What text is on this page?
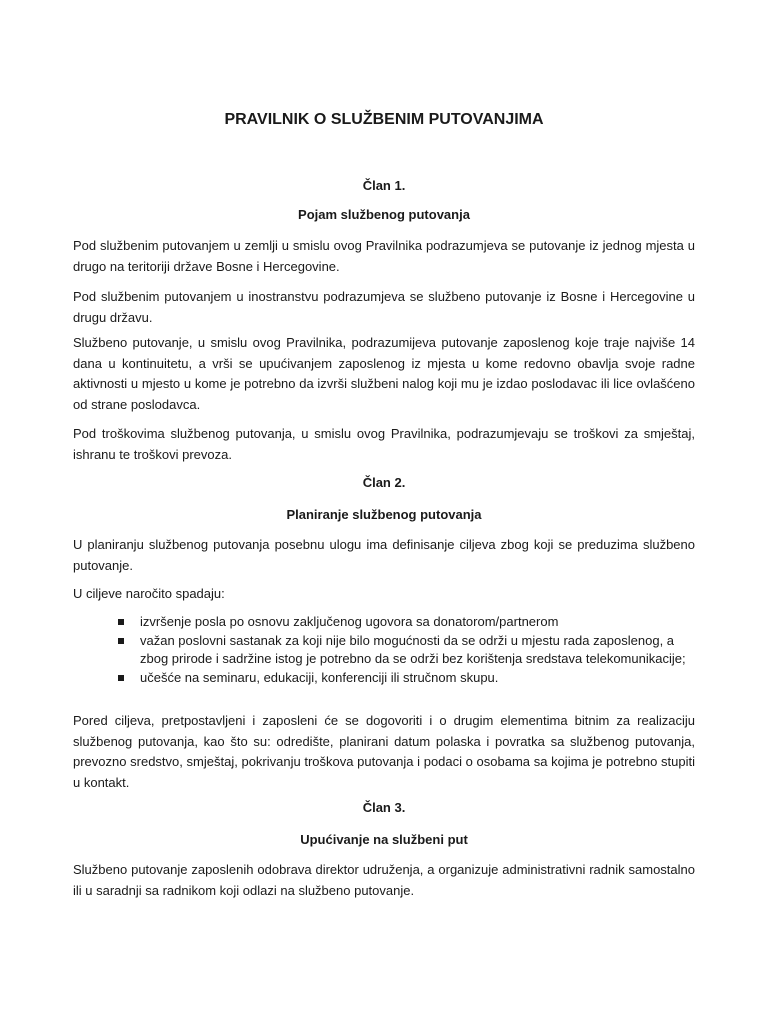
PRAVILNIK O SLUŽBENIM PUTOVANJIMA

Član 1.

Pojam službenog putovanja

Pod službenim putovanjem u zemlji u smislu ovog Pravilnika podrazumjeva se putovanje iz jednog mjesta u drugo na teritoriji države Bosne i Hercegovine.

Pod službenim putovanjem u inostranstvu podrazumjeva se službeno putovanje iz Bosne i Hercegovine u drugu državu.

Službeno putovanje, u smislu ovog Pravilnika, podrazumijeva putovanje zaposlenog koje traje najviše 14 dana u kontinuitetu, a vrši se upućivanjem zaposlenog iz mjesta u kome redovno obavlja svoje radne aktivnosti u mjesto u kome je potrebno da izvrši službeni nalog koji mu je izdao poslodavac ili lice ovlašćeno od strane poslodavca.

Pod troškovima službenog putovanja, u smislu ovog Pravilnika, podrazumjevaju se troškovi za smještaj, ishranu te troškovi prevoza.

Član 2.

Planiranje službenog putovanja

U planiranju službenog putovanja posebnu ulogu ima definisanje ciljeva zbog koji se preduzima službeno putovanje.

U ciljeve naročito spadaju:

izvršenje posla po osnovu zaključenog ugovora sa donatorom/partnerom
važan poslovni sastanak za koji nije bilo mogućnosti da se održi u mjestu rada zaposlenog, a zbog prirode i sadržine istog je potrebno da se održi bez korištenja sredstava telekomunikacije;
učešće na seminaru, edukaciji, konferenciji ili stručnom skupu.

Pored ciljeva, pretpostavljeni i zaposleni će se dogovoriti i o drugim elementima bitnim za realizaciju službenog putovanja, kao što su: odredište, planirani datum polaska i povratka sa službenog putovanja, prevozno sredstvo, smještaj, pokrivanju troškova putovanja i podaci o osobama sa kojima je potrebno stupiti u kontakt.

Član 3.

Upućivanje na službeni put

Službeno putovanje zaposlenih odobrava direktor udruženja, a organizuje administrativni radnik samostalno ili u saradnji sa radnikom koji odlazi na službeno putovanje.
